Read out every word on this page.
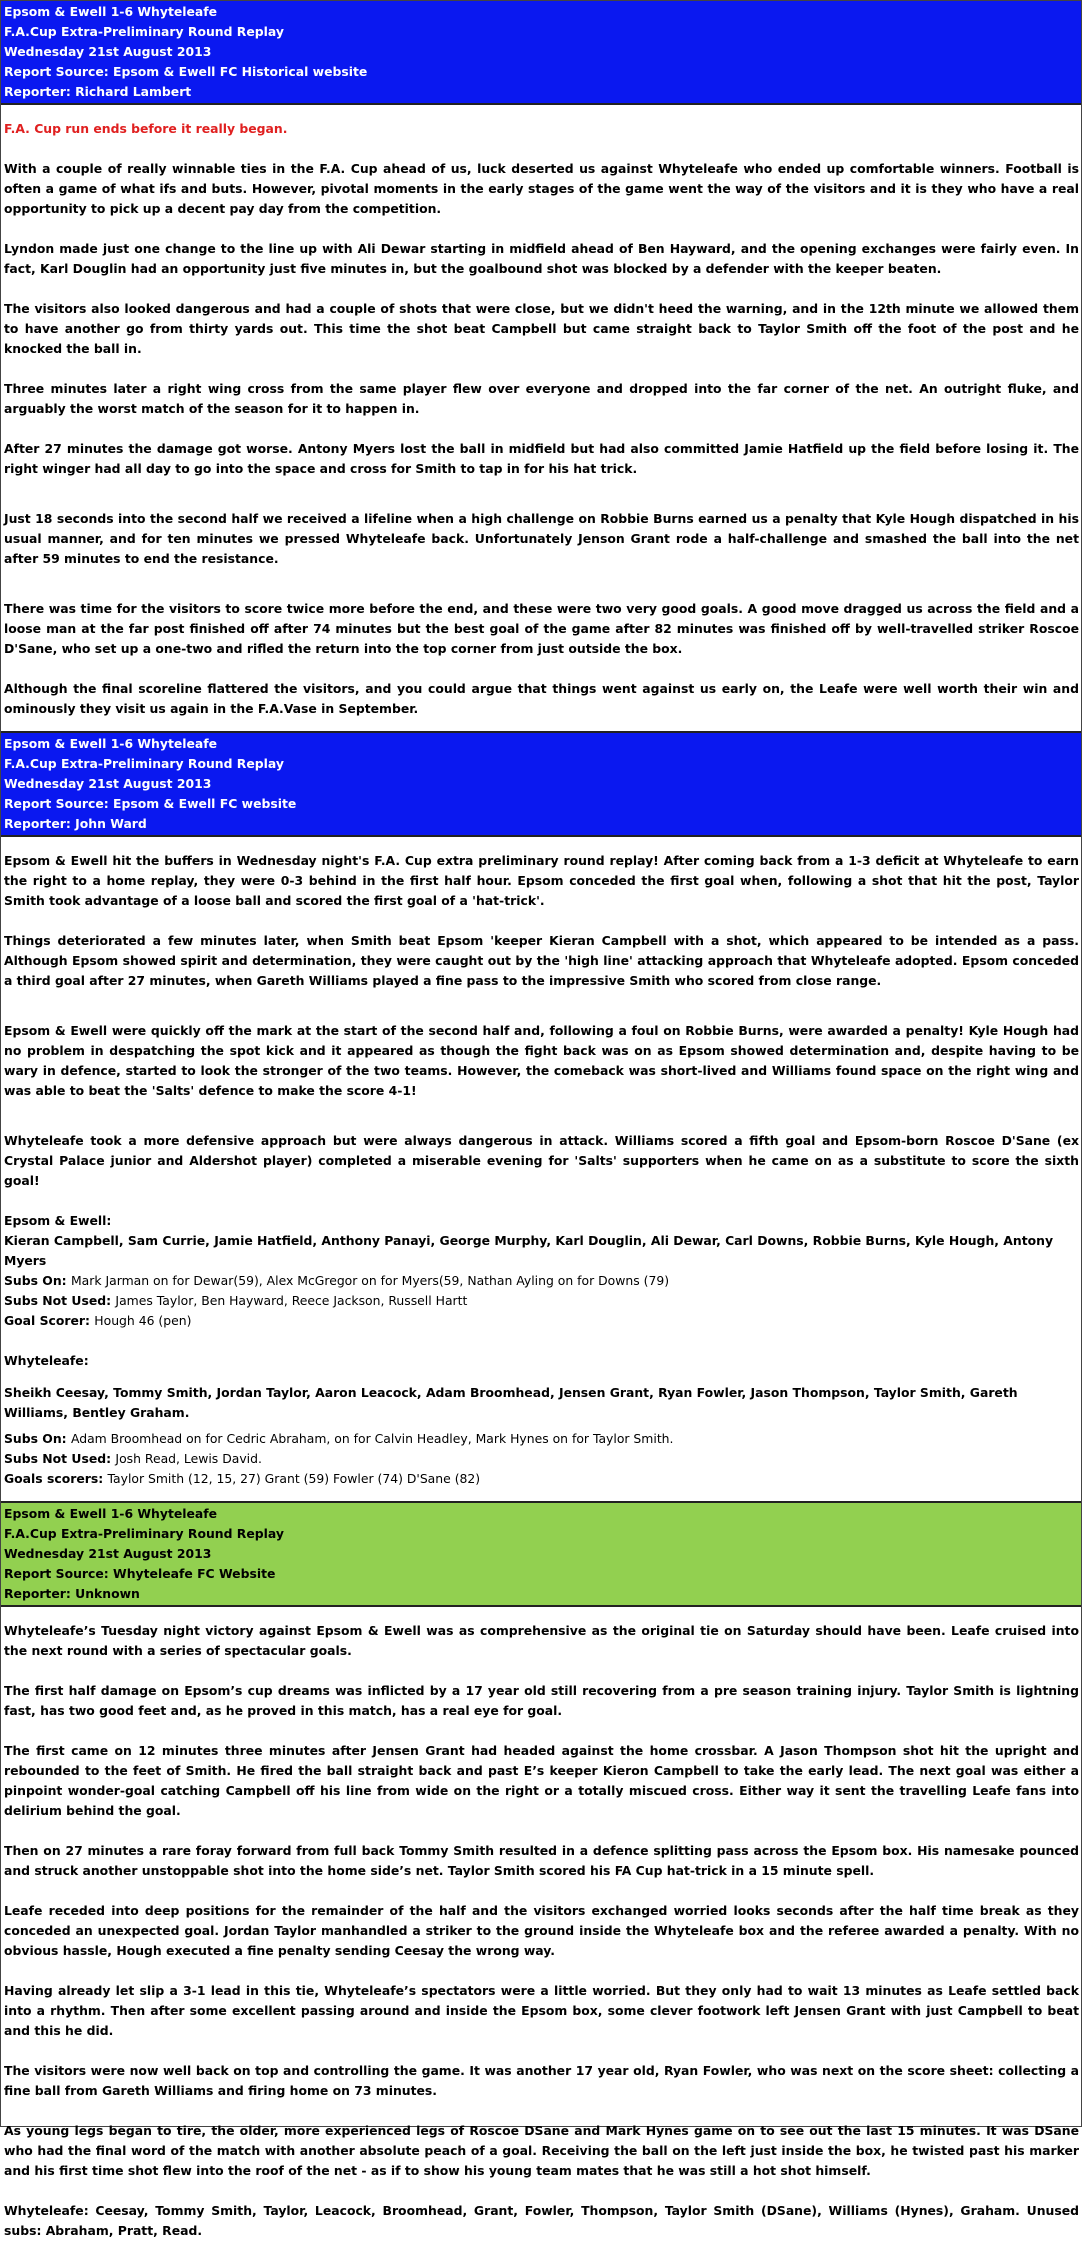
Epsom & Ewell 1-6 Whyteleafe
F.A.Cup Extra-Preliminary Round Replay
Wednesday 21st August 2013
Report Source: Epsom & Ewell FC Historical website
Reporter: Richard Lambert

F.A. Cup run ends before it really began.

With a couple of really winnable ties in the F.A. Cup ahead of us, luck deserted us against Whyteleafe who ended up comfortable winners. Football is often a game of what ifs and buts. However, pivotal moments in the early stages of the game went the way of the visitors and it is they who have a real opportunity to pick up a decent pay day from the competition.

Lyndon made just one change to the line up with Ali Dewar starting in midfield ahead of Ben Hayward, and the opening exchanges were fairly even. In fact, Karl Douglin had an opportunity just five minutes in, but the goalbound shot was blocked by a defender with the keeper beaten.

The visitors also looked dangerous and had a couple of shots that were close, but we didn't heed the warning, and in the 12th minute we allowed them to have another go from thirty yards out. This time the shot beat Campbell but came straight back to Taylor Smith off the foot of the post and he knocked the ball in.

Three minutes later a right wing cross from the same player flew over everyone and dropped into the far corner of the net. An outright fluke, and arguably the worst match of the season for it to happen in.

After 27 minutes the damage got worse. Antony Myers lost the ball in midfield but had also committed Jamie Hatfield up the field before losing it. The right winger had all day to go into the space and cross for Smith to tap in for his hat trick.

Just 18 seconds into the second half we received a lifeline when a high challenge on Robbie Burns earned us a penalty that Kyle Hough dispatched in his usual manner, and for ten minutes we pressed Whyteleafe back. Unfortunately Jenson Grant rode a half-challenge and smashed the ball into the net after 59 minutes to end the resistance.

There was time for the visitors to score twice more before the end, and these were two very good goals. A good move dragged us across the field and a loose man at the far post finished off after 74 minutes but the best goal of the game after 82 minutes was finished off by well-travelled striker Roscoe D'Sane, who set up a one-two and rifled the return into the top corner from just outside the box.

Although the final scoreline flattered the visitors, and you could argue that things went against us early on, the Leafe were well worth their win and ominously they visit us again in the F.A.Vase in September.

Epsom & Ewell 1-6 Whyteleafe
F.A.Cup Extra-Preliminary Round Replay
Wednesday 21st August 2013
Report Source: Epsom & Ewell FC website
Reporter: John Ward

Epsom & Ewell hit the buffers in Wednesday night's F.A. Cup extra preliminary round replay! After coming back from a 1-3 deficit at Whyteleafe to earn the right to a home replay, they were 0-3 behind in the first half hour. Epsom conceded the first goal when, following a shot that hit the post, Taylor Smith took advantage of a loose ball and scored the first goal of a 'hat-trick'.

Things deteriorated a few minutes later, when Smith beat Epsom 'keeper Kieran Campbell with a shot, which appeared to be intended as a pass. Although Epsom showed spirit and determination, they were caught out by the 'high line' attacking approach that Whyteleafe adopted. Epsom conceded a third goal after 27 minutes, when Gareth Williams played a fine pass to the impressive Smith who scored from close range.

Epsom & Ewell were quickly off the mark at the start of the second half and, following a foul on Robbie Burns, were awarded a penalty! Kyle Hough had no problem in despatching the spot kick and it appeared as though the fight back was on as Epsom showed determination and, despite having to be wary in defence, started to look the stronger of the two teams. However, the comeback was short-lived and Williams found space on the right wing and was able to beat the 'Salts' defence to make the score 4-1!

Whyteleafe took a more defensive approach but were always dangerous in attack. Williams scored a fifth goal and Epsom-born Roscoe D'Sane (ex Crystal Palace junior and Aldershot player) completed a miserable evening for 'Salts' supporters when he came on as a substitute to score the sixth goal!

Epsom & Ewell:
Kieran Campbell, Sam Currie, Jamie Hatfield, Anthony Panayi, George Murphy, Karl Douglin, Ali Dewar, Carl Downs, Robbie Burns, Kyle Hough, Antony Myers
Subs On: Mark Jarman on for Dewar(59), Alex McGregor on for Myers(59, Nathan Ayling on for Downs (79)
Subs Not Used: James Taylor, Ben Hayward, Reece Jackson, Russell Hartt
Goal Scorer: Hough 46 (pen)
Whyteleafe:
Sheikh Ceesay, Tommy Smith, Jordan Taylor, Aaron Leacock, Adam Broomhead, Jensen Grant, Ryan Fowler, Jason Thompson, Taylor Smith, Gareth Williams, Bentley Graham.
Subs On: Adam Broomhead on for Cedric Abraham, on for Calvin Headley, Mark Hynes on for Taylor Smith.
Subs Not Used: Josh Read, Lewis David.
Goals scorers: Taylor Smith (12, 15, 27) Grant (59) Fowler (74) D'Sane (82)
Epsom & Ewell 1-6 Whyteleafe
F.A.Cup Extra-Preliminary Round Replay
Wednesday 21st August 2013
Report Source: Whyteleafe FC Website
Reporter: Unknown

Whyteleafe’s Tuesday night victory against Epsom & Ewell was as comprehensive as the original tie on Saturday should have been. Leafe cruised into the next round with a series of spectacular goals.

The first half damage on Epsom’s cup dreams was inflicted by a 17 year old still recovering from a pre season training injury. Taylor Smith is lightning fast, has two good feet and, as he proved in this match, has a real eye for goal.

The first came on 12 minutes three minutes after Jensen Grant had headed against the home crossbar. A Jason Thompson shot hit the upright and rebounded to the feet of Smith. He fired the ball straight back and past E’s keeper Kieron Campbell to take the early lead. The next goal was either a pinpoint wonder-goal catching Campbell off his line from wide on the right or a totally miscued cross. Either way it sent the travelling Leafe fans into delirium behind the goal.

Then on 27 minutes a rare foray forward from full back Tommy Smith resulted in a defence splitting pass across the Epsom box. His namesake pounced and struck another unstoppable shot into the home side’s net. Taylor Smith scored his FA Cup hat-trick in a 15 minute spell.

Leafe receded into deep positions for the remainder of the half and the visitors exchanged worried looks seconds after the half time break as they conceded an unexpected goal. Jordan Taylor manhandled a striker to the ground inside the Whyteleafe box and the referee awarded a penalty. With no obvious hassle, Hough executed a fine penalty sending Ceesay the wrong way.

Having already let slip a 3-1 lead in this tie, Whyteleafe’s spectators were a little worried. But they only had to wait 13 minutes as Leafe settled back into a rhythm. Then after some excellent passing around and inside the Epsom box, some clever footwork left Jensen Grant with just Campbell to beat and this he did.

The visitors were now well back on top and controlling the game. It was another 17 year old, Ryan Fowler, who was next on the score sheet: collecting a fine ball from Gareth Williams and firing home on 73 minutes.

As young legs began to tire, the older, more experienced legs of Roscoe DSane and Mark Hynes game on to see out the last 15 minutes. It was DSane who had the final word of the match with another absolute peach of a goal. Receiving the ball on the left just inside the box, he twisted past his marker and his first time shot flew into the roof of the net - as if to show his young team mates that he was still a hot shot himself.

Whyteleafe: Ceesay, Tommy Smith, Taylor, Leacock, Broomhead, Grant, Fowler, Thompson, Taylor Smith (DSane), Williams (Hynes), Graham. Unused subs: Abraham, Pratt, Read.
